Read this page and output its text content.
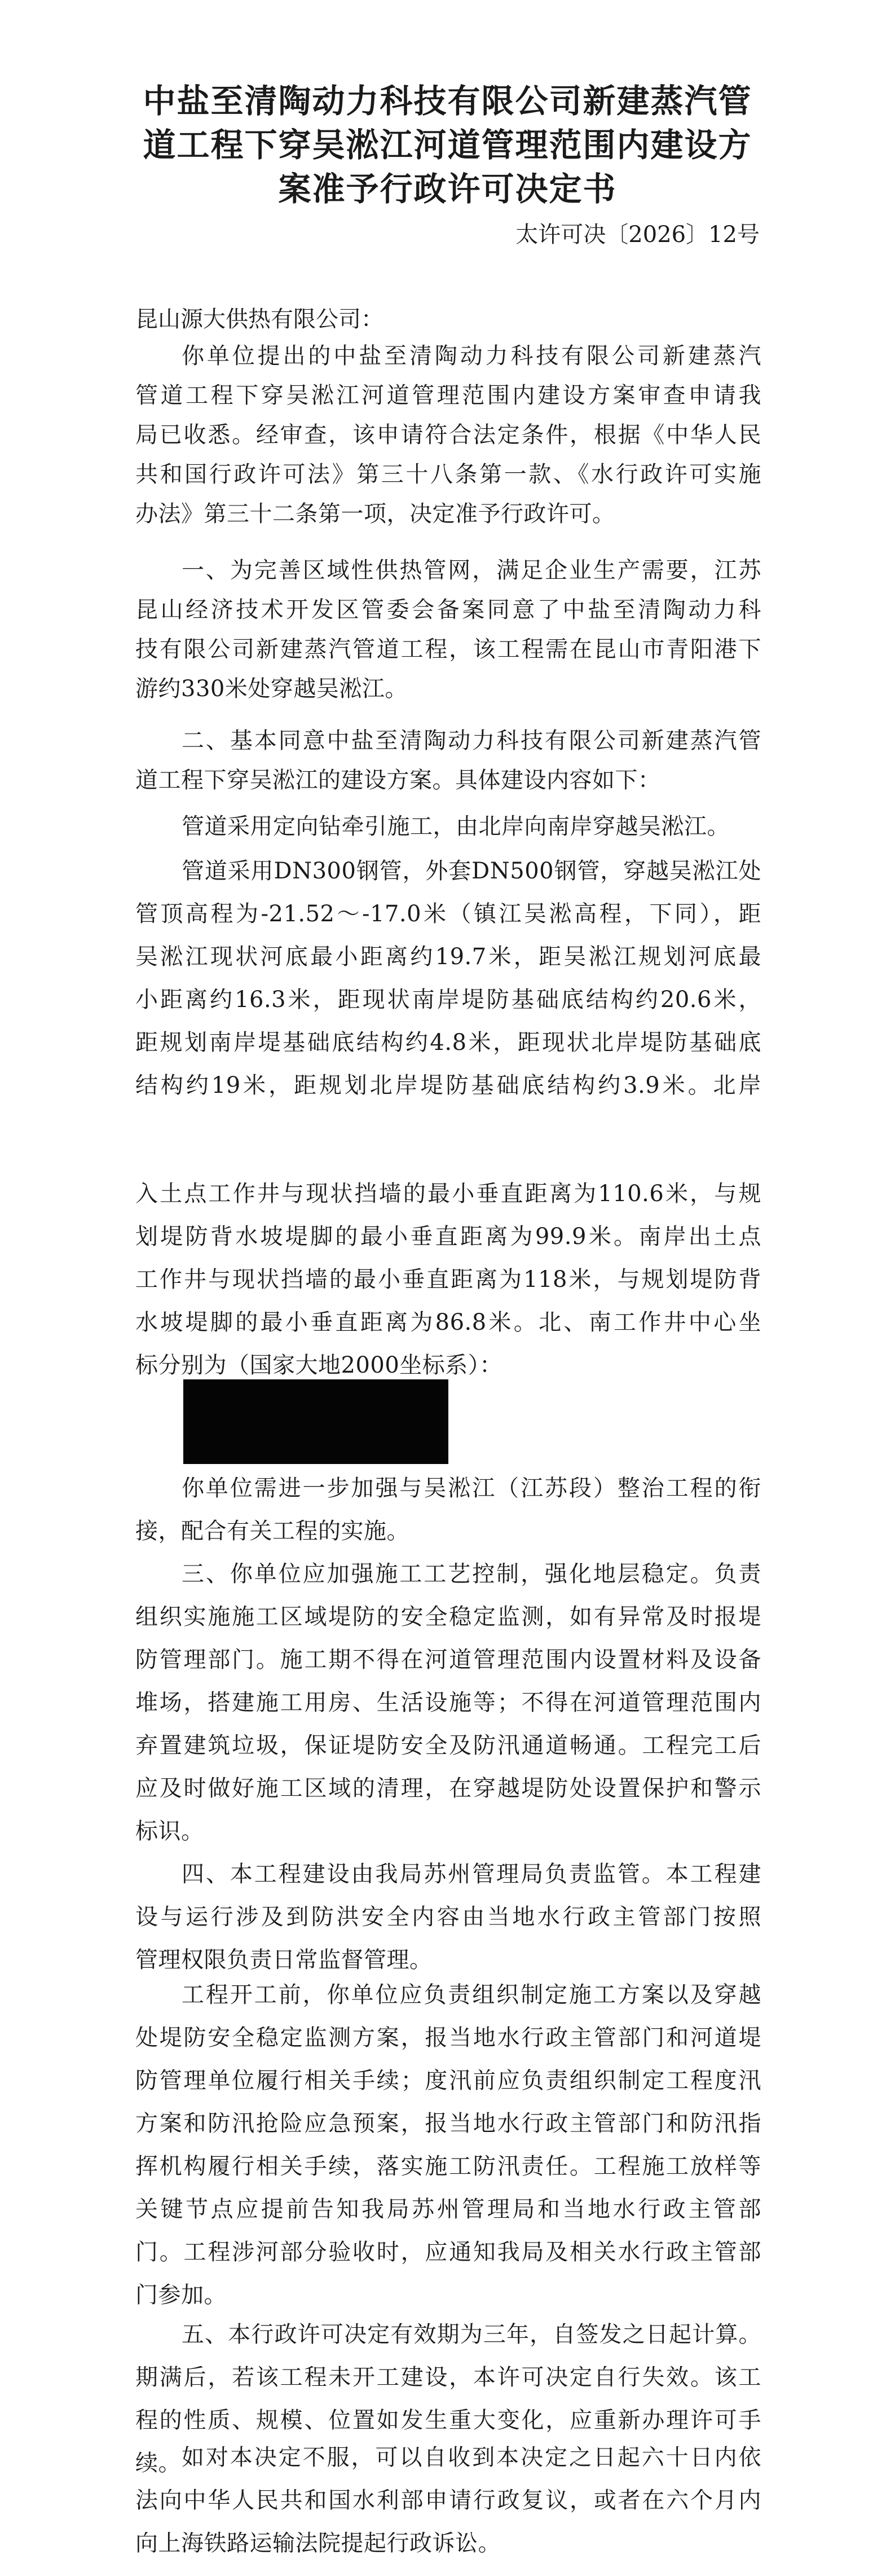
中盐至清陶动力科技有限公司新建蒸汽管
道工程下穿吴淞江河道管理范围内建设方
案准予行政许可决定书
太许可决〔2026〕12号
昆山源大供热有限公司：
你单位提出的中盐至清陶动力科技有限公司新建蒸汽
管道工程下穿吴淞江河道管理范围内建设方案审查申请我
局已收悉。经审查，该申请符合法定条件，根据《中华人民
共和国行政许可法》第三十八条第一款、《水行政许可实施
办法》第三十二条第一项，决定准予行政许可。
一、为完善区域性供热管网，满足企业生产需要，江苏
昆山经济技术开发区管委会备案同意了中盐至清陶动力科
技有限公司新建蒸汽管道工程，该工程需在昆山市青阳港下
游约330米处穿越吴淞江。
二、基本同意中盐至清陶动力科技有限公司新建蒸汽管
道工程下穿吴淞江的建设方案。具体建设内容如下：
管道采用定向钻牵引施工，由北岸向南岸穿越吴淞江。
管道采用DN300钢管，外套DN500钢管，穿越吴淞江处
管顶高程为-21.52～-17.0米（镇江吴淞高程，下同），距
吴淞江现状河底最小距离约19.7米，距吴淞江规划河底最
小距离约16.3米，距现状南岸堤防基础底结构约20.6米，
距规划南岸堤基础底结构约4.8米，距现状北岸堤防基础底
结构约19米，距规划北岸堤防基础底结构约3.9米。北岸
入土点工作井与现状挡墙的最小垂直距离为110.6米，与规
划堤防背水坡堤脚的最小垂直距离为99.9米。南岸出土点
工作井与现状挡墙的最小垂直距离为118米，与规划堤防背
水坡堤脚的最小垂直距离为86.8米。北、南工作井中心坐
标分别为（国家大地2000坐标系）：
你单位需进一步加强与吴淞江（江苏段）整治工程的衔
接，配合有关工程的实施。
三、你单位应加强施工工艺控制，强化地层稳定。负责
组织实施施工区域堤防的安全稳定监测，如有异常及时报堤
防管理部门。施工期不得在河道管理范围内设置材料及设备
堆场，搭建施工用房、生活设施等；不得在河道管理范围内
弃置建筑垃圾，保证堤防安全及防汛通道畅通。工程完工后
应及时做好施工区域的清理，在穿越堤防处设置保护和警示
标识。
四、本工程建设由我局苏州管理局负责监管。本工程建
设与运行涉及到防洪安全内容由当地水行政主管部门按照
管理权限负责日常监督管理。
工程开工前，你单位应负责组织制定施工方案以及穿越
处堤防安全稳定监测方案，报当地水行政主管部门和河道堤
防管理单位履行相关手续；度汛前应负责组织制定工程度汛
方案和防汛抢险应急预案，报当地水行政主管部门和防汛指
挥机构履行相关手续，落实施工防汛责任。工程施工放样等
关键节点应提前告知我局苏州管理局和当地水行政主管部
门。工程涉河部分验收时，应通知我局及相关水行政主管部
门参加。
五、本行政许可决定有效期为三年，自签发之日起计算。
期满后，若该工程未开工建设，本许可决定自行失效。该工
程的性质、规模、位置如发生重大变化，应重新办理许可手
续。 如对本决定不服，可以自收到本决定之日起六十日内依
法向中华人民共和国水利部申请行政复议，或者在六个月内
向上海铁路运输法院提起行政诉讼。
